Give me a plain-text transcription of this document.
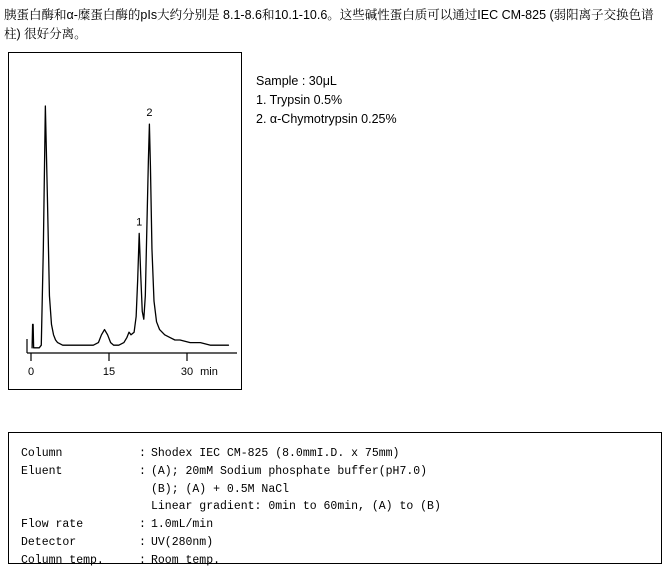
胰蛋白酶和α-糜蛋白酶的pIs大约分别是 8.1-8.6和10.1-10.6。这些碱性蛋白质可以通过IEC CM-825 (弱阳离子交换色谱柱) 很好分离。
0	15	30 min
1
2
Sample : 30μL
1. Trypsin 0.5%
2. α-Chymotrypsin 0.25%
Column	: Shodex IEC CM-825 (8.0mmI.D. x 75mm)
Eluent	: (A); 20mM Sodium phosphate buffer(pH7.0)
(B); (A) + 0.5M NaCl
Linear gradient: 0min to 60min, (A) to (B)
Flow rate	: 1.0mL/min
Detector	: UV(280nm)
Column temp.	: Room temp.
